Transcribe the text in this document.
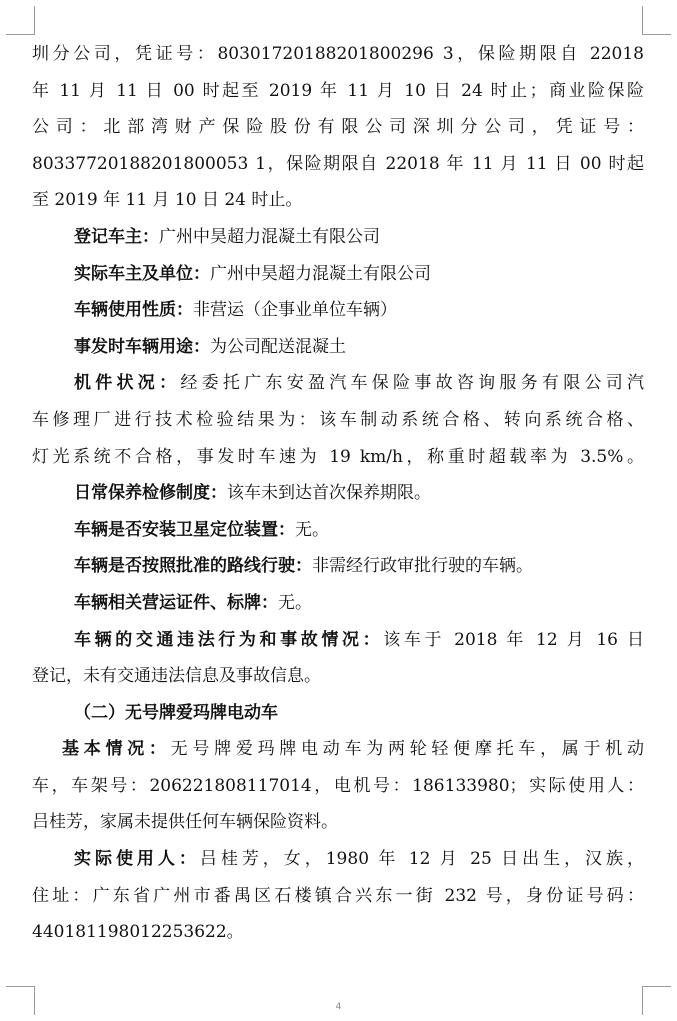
圳分公司，凭证号：80301720188201800296 3，保险期限自 22018
年 11 月 11 日 00 时起至 2019 年 11 月 10 日 24 时止；商业险保险
公司：北部湾财产保险股份有限公司深圳分公司，凭证号：
80337720188201800053 1，保险期限自 22018 年 11 月 11 日 00 时起
至 2019 年 11 月 10 日 24 时止。
登记车主：广州中昊超力混凝土有限公司
实际车主及单位：广州中昊超力混凝土有限公司
车辆使用性质：非营运（企事业单位车辆）
事发时车辆用途：为公司配送混凝土
机件状况：经委托广东安盈汽车保险事故咨询服务有限公司汽
车修理厂进行技术检验结果为：该车制动系统合格、转向系统合格、
灯光系统不合格，事发时车速为 19 km/h，称重时超载率为 3.5%。
日常保养检修制度：该车未到达首次保养期限。
车辆是否安装卫星定位装置：无。
车辆是否按照批准的路线行驶：非需经行政审批行驶的车辆。
车辆相关营运证件、标牌：无。
车辆的交通违法行为和事故情况：该车于 2018 年 12 月 16 日
登记，未有交通违法信息及事故信息。
（二）无号牌爱玛牌电动车
基本情况：无号牌爱玛牌电动车为两轮轻便摩托车，属于机动
车，车架号：206221808117014，电机号：186133980；实际使用人：
吕桂芳，家属未提供任何车辆保险资料。
实际使用人：吕桂芳，女，1980 年 12 月 25 日出生，汉族，
住址：广东省广州市番禺区石楼镇合兴东一街 232 号，身份证号码：
440181198012253622。
4
